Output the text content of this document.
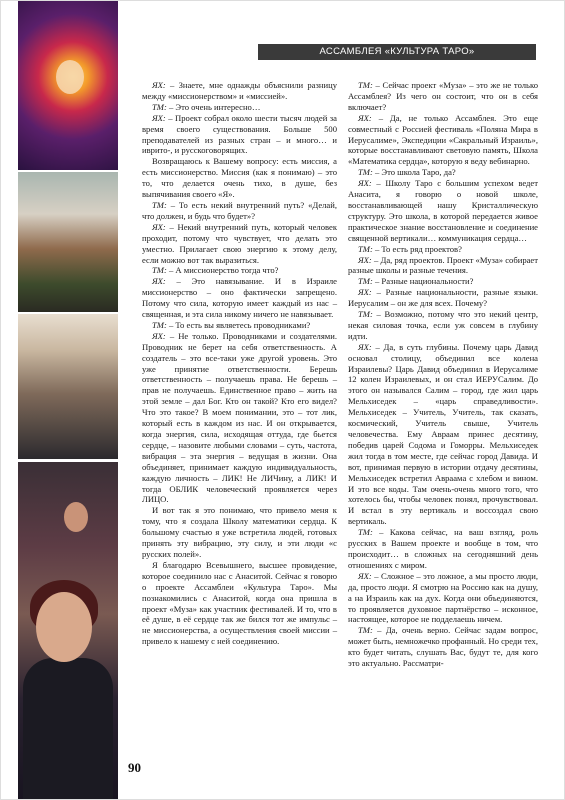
АССАМБЛЕЯ «КУЛЬТУРА ТАРО»

ЯХ: – Знаете, мне однажды объяснили разницу между «миссионерством» и «миссией».

ТМ: – Это очень интересно…

ЯХ: – Проект собрал около шести тысяч людей за время своего существования. Больше 500 преподавателей из разных стран – и много… и иврито-, и русскоговорящих.

Возвращаюсь к Вашему вопросу: есть миссия, а есть миссионерство. Миссия (как я понимаю) – это то, что делается очень тихо, в душе, без выпячивания своего «Я».

ТМ: – То есть некий внутренний путь? «Делай, что должен, и будь что будет»?

ЯХ: – Некий внутренний путь, который человек проходит, потому что чувствует, что делать это уместно. Прилагает свою энергию к этому делу, если можно вот так выразиться.

ТМ: – А миссионерство тогда что?

ЯХ: – Это навязывание. И в Израиле миссионерство – оно фактически запрещено. Потому что сила, которую имеет каждый из нас – священная, и эта сила никому ничего не навязывает.

ТМ: – То есть вы являетесь проводниками?

ЯХ: – Не только. Проводниками и создателями. Проводник не берет на себя ответственность. А создатель – это все-таки уже другой уровень. Это уже принятие ответственности. Берешь ответственность – получаешь права. Не берешь – прав не получаешь. Единственное право – жить на этой земле – дал Бог. Кто он такой? Кто его видел? Что это такое? В моем понимании, это – тот лик, который есть в каждом из нас. И он открывается, когда энергия, сила, исходящая оттуда, где бьется сердце, – назовите любыми словами – суть, частота, вибрация – эта энергия – ведущая в жизни. Она объединяет, принимает каждую индивидуальность, каждую личность – ЛИК! Не ЛИЧину, а ЛИК! И тогда ОБЛИК человеческий проявляется через ЛИЦО.

И вот так я это понимаю, что привело меня к тому, что я создала Школу математики сердца. К большому счастью я уже встретила людей, готовых принять эту вибрацию, эту силу, и эти люди «с русских полей».

Я благодарю Всевышнего, высшее провидение, которое соединило нас с Анаситой. Сейчас я говорю о проекте Ассамблеи «Культура Таро». Мы познакомились с Анаситой, когда она пришла в проект «Муза» как участник фестивалей. И то, что в её душе, в её сердце так же бился тот же импульс – не миссионерства, а осуществления своей миссии – привело к нашему с ней соединению.

ТМ: – Сейчас проект «Муза» – это же не только Ассамблея? Из чего он состоит, что он в себя включает?

ЯХ: – Да, не только Ассамблея. Это еще совместный с Россией фестиваль «Поляна Мира в Иерусалиме», Экспедиции «Сакральный Израиль», которые восстанавливают световую память, Школа «Математика сердца», которую я веду вебинарно.

ТМ: – Это школа Таро, да?

ЯХ: – Школу Таро с большим успехом ведет Анасита, я говорю о новой школе, восстанавливающей нашу Кристаллическую структуру. Это школа, в которой передается живое практическое знание восстановление и соединение священной вертикали… коммуникация сердца…

ТМ: – То есть ряд проектов?

ЯХ: – Да, ряд проектов. Проект «Муза» собирает разные школы и разные течения.

ТМ: – Разные национальности?

ЯХ: – Разные национальности, разные языки. Иерусалим – он же для всех. Почему?

ТМ: – Возможно, потому что это некий центр, некая силовая точка, если уж совсем в глубину идти.

ЯХ: – Да, в суть глубины. Почему царь Давид основал столицу, объединил все колена Израилевы? Царь Давид объединил в Иерусалиме 12 колен Израилевых, и он стал ИЕРУСалим. До этого он назывался Салим – город, где жил царь Мельхиседек – «царь справедливости». Мельхиседек – Учитель, Учитель, так сказать, космический, Учитель свыше, Учитель человечества. Ему Авраам принес десятину, победив царей Содома и Гоморры. Мельхиседек жил тогда в том месте, где сейчас город Давида. И вот, принимая первую в истории отдачу десятины, Мельхиседек встретил Авраама с хлебом и вином. И это все коды. Там очень-очень много того, что хотелось бы, чтобы человек понял, прочувствовал. И встал в эту вертикаль и воссоздал свою вертикаль.

ТМ: – Какова сейчас, на ваш взгляд, роль русских в Вашем проекте и вообще в том, что происходит… в сложных на сегодняшний день отношениях с миром.

ЯХ: – Сложное – это ложное, а мы просто люди, да, просто люди. Я смотрю на Россию как на душу, а на Израиль как на дух. Когда они объединяются, то проявляется духовное партнёрство – исконное, настоящее, которое не подделаешь ничем.

ТМ: – Да, очень верно. Сейчас задам вопрос, может быть, немножечко профанный. Но среди тех, кто будет читать, слушать Вас, будут те, для кого это актуально. Рассматри-

90
